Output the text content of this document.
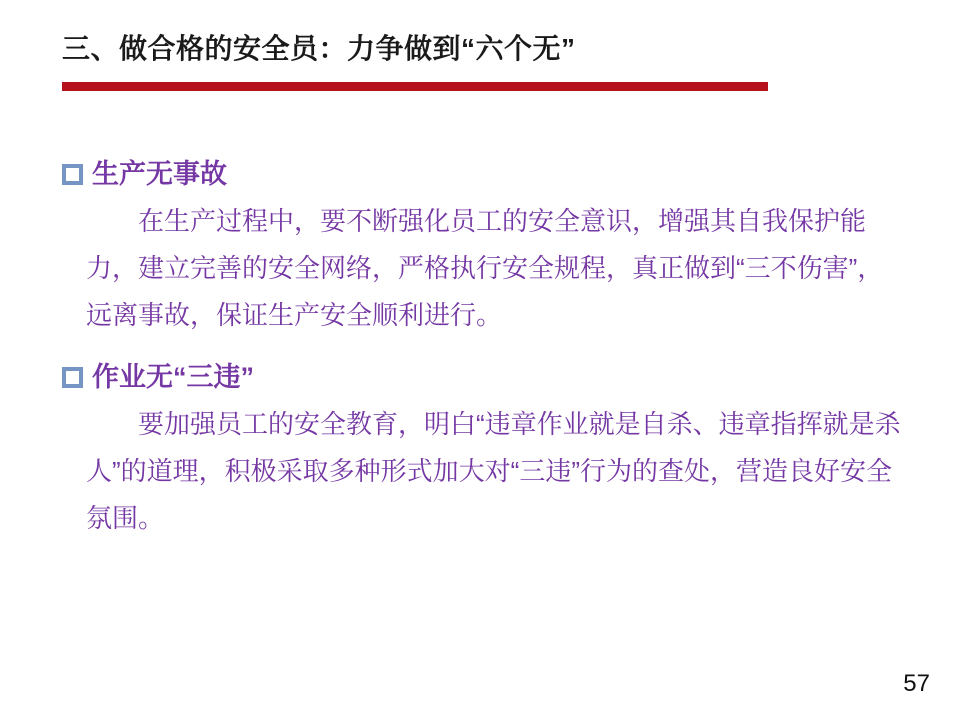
三、做合格的安全员：力争做到“六个无”
生产无事故

在生产过程中，要不断强化员工的安全意识，增强其自我保护能力，建立完善的安全网络，严格执行安全规程，真正做到“三不伤害”，远离事故，保证生产安全顺利进行。

作业无“三违”

要加强员工的安全教育，明白“违章作业就是自杀、违章指挥就是杀人”的道理，积极采取多种形式加大对“三违”行为的查处，营造良好安全氛围。

57
